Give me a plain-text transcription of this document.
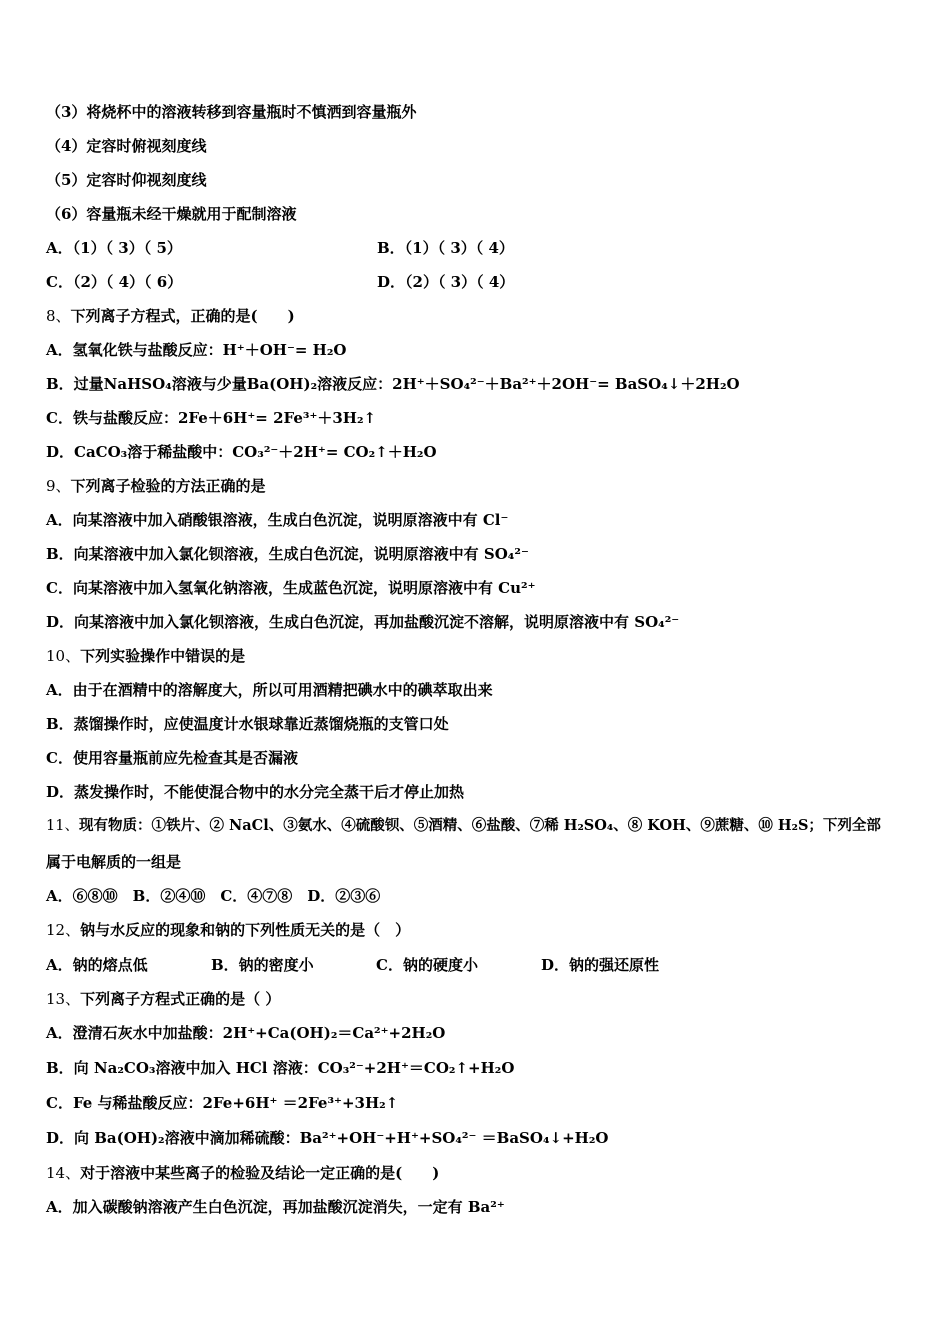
（3）将烧杯中的溶液转移到容量瓶时不慎洒到容量瓶外
（4）定容时俯视刻度线
（5）定容时仰视刻度线
（6）容量瓶未经干燥就用于配制溶液
A．（1）（ 3）（ 5）	B．（1）（ 3）（ 4）
C．（2）（ 4）（ 6）	D．（2）（ 3）（ 4）
8、下列离子方程式，正确的是(　　)
A．氢氧化铁与盐酸反应：H⁺＋OH⁻= H₂O
B．过量NaHSO₄溶液与少量Ba(OH)₂溶液反应：2H⁺＋SO₄²⁻＋Ba²⁺＋2OH⁻= BaSO₄↓＋2H₂O
C．铁与盐酸反应：2Fe＋6H⁺= 2Fe³⁺＋3H₂↑
D．CaCO₃溶于稀盐酸中：CO₃²⁻＋2H⁺= CO₂↑＋H₂O
9、下列离子检验的方法正确的是
A．向某溶液中加入硝酸银溶液，生成白色沉淀，说明原溶液中有 Cl⁻
B．向某溶液中加入氯化钡溶液，生成白色沉淀，说明原溶液中有 SO₄²⁻
C．向某溶液中加入氢氧化钠溶液，生成蓝色沉淀，说明原溶液中有 Cu²⁺
D．向某溶液中加入氯化钡溶液，生成白色沉淀，再加盐酸沉淀不溶解，说明原溶液中有 SO₄²⁻
10、下列实验操作中错误的是
A．由于在酒精中的溶解度大，所以可用酒精把碘水中的碘萃取出来
B．蒸馏操作时，应使温度计水银球靠近蒸馏烧瓶的支管口处
C．使用容量瓶前应先检查其是否漏液
D．蒸发操作时，不能使混合物中的水分完全蒸干后才停止加热
11、现有物质：①铁片、② NaCl、③氨水、④硫酸钡、⑤酒精、⑥盐酸、⑦稀 H₂SO₄、⑧ KOH、⑨蔗糖、⑩ H₂S；下列全部
属于电解质的一组是
A．⑥⑧⑩　B．②④⑩　C．④⑦⑧　D．②③⑥
12、钠与水反应的现象和钠的下列性质无关的是（　）
A．钠的熔点低	B．钠的密度小	C．钠的硬度小	D．钠的强还原性
13、下列离子方程式正确的是（ ）
A．澄清石灰水中加盐酸：2H⁺+Ca(OH)₂＝Ca²⁺+2H₂O
B．向 Na₂CO₃溶液中加入 HCl 溶液：CO₃²⁻+2H⁺＝CO₂↑+H₂O
C．Fe 与稀盐酸反应：2Fe+6H⁺ ＝2Fe³⁺+3H₂↑
D．向 Ba(OH)₂溶液中滴加稀硫酸：Ba²⁺+OH⁻+H⁺+SO₄²⁻ ＝BaSO₄↓+H₂O
14、对于溶液中某些离子的检验及结论一定正确的是(　　)
A．加入碳酸钠溶液产生白色沉淀，再加盐酸沉淀消失，一定有 Ba²⁺
